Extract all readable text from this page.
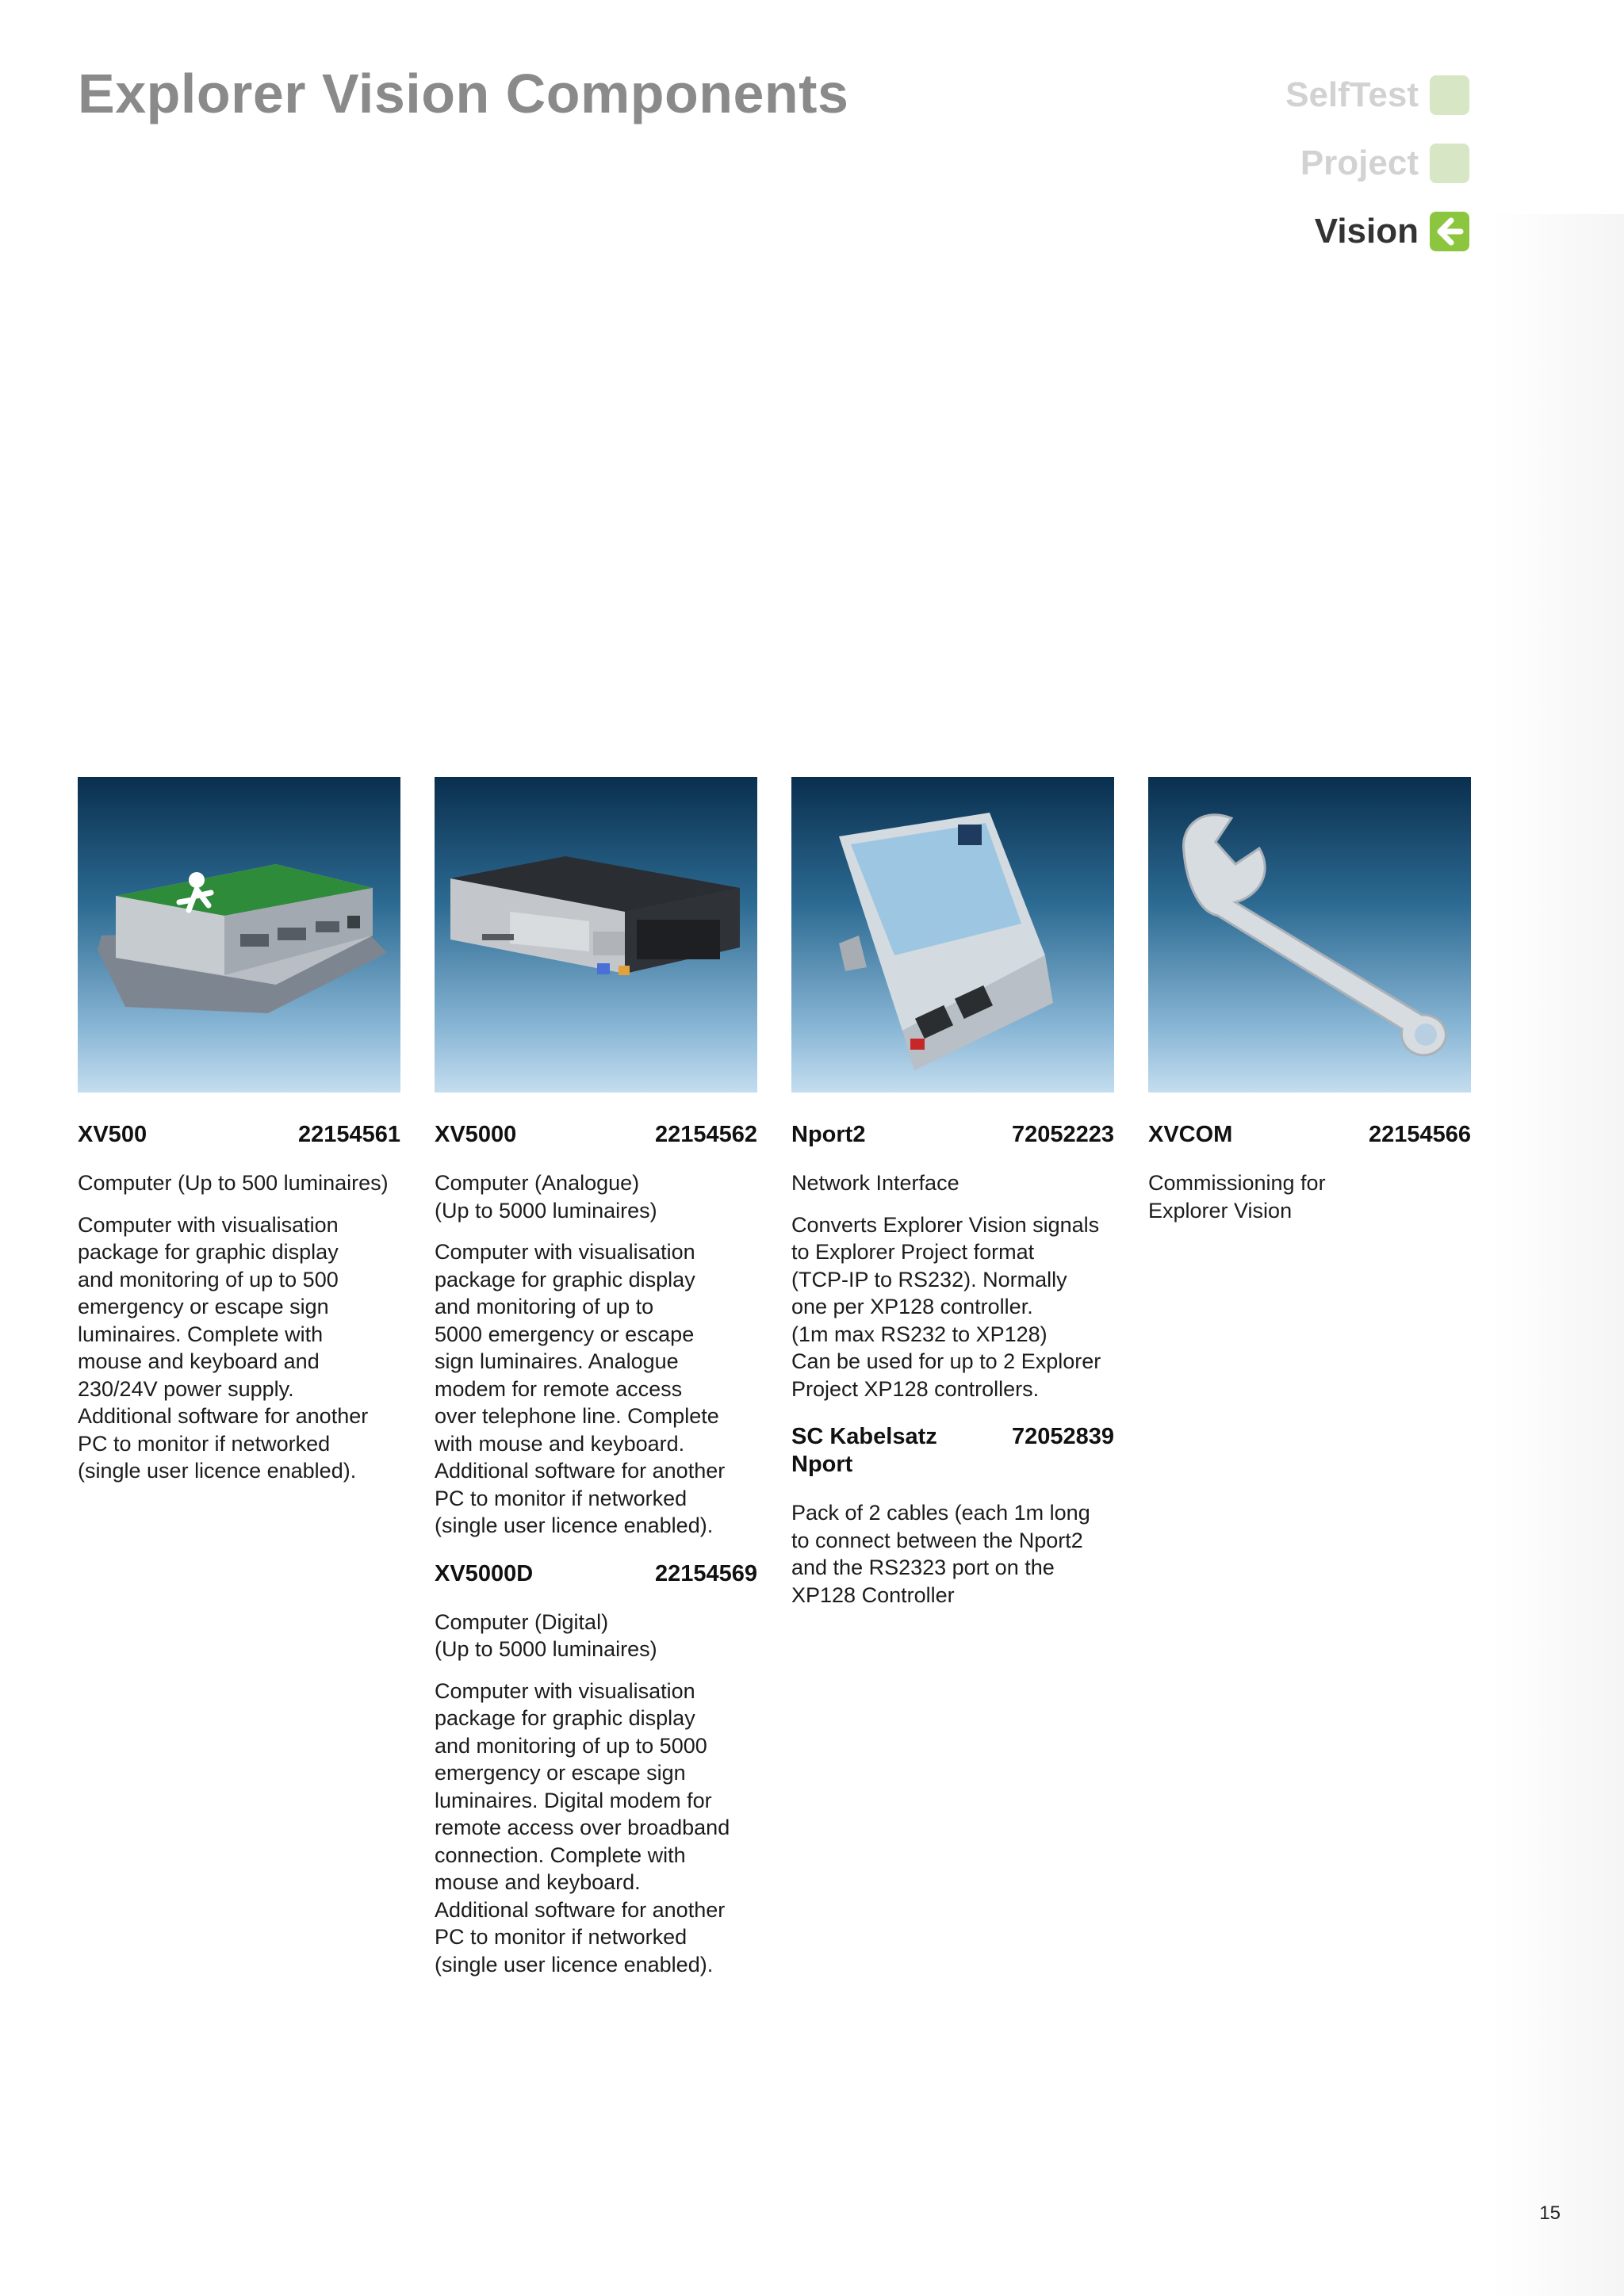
Explorer Vision Components	SelfTest
Project
Vision
XV500	22154561

Computer (Up to 500 luminaires)

Computer with visualisation
package for graphic display
and monitoring of up to 500
emergency or escape sign
luminaires. Complete with
mouse and keyboard and
230/24V power supply.
Additional software for another
PC to monitor if networked
(single user licence enabled).

XV5000	22154562

Computer (Analogue)
(Up to 5000 luminaires)

Computer with visualisation
package for graphic display
and monitoring of up to
5000 emergency or escape
sign luminaires. Analogue
modem for remote access
over telephone line. Complete
with mouse and keyboard.
Additional software for another
PC to monitor if networked
(single user licence enabled).

XV5000D	22154569

Computer (Digital)
(Up to 5000 luminaires)

Computer with visualisation
package for graphic display
and monitoring of up to 5000
emergency or escape sign
luminaires. Digital modem for
remote access over broadband
connection. Complete with
mouse and keyboard.
Additional software for another
PC to monitor if networked
(single user licence enabled).

Nport2	72052223

Network Interface

Converts Explorer Vision signals
to Explorer Project format
(TCP-IP to RS232). Normally
one per XP128 controller.
(1m max RS232 to XP128)
Can be used for up to 2 Explorer
Project XP128 controllers.

SC Kabelsatz
Nport
72052839

Pack of 2 cables (each 1m long
to connect between the Nport2
and the RS2323 port on the
XP128 Controller

XVCOM	22154566

Commissioning for
Explorer Vision

15
